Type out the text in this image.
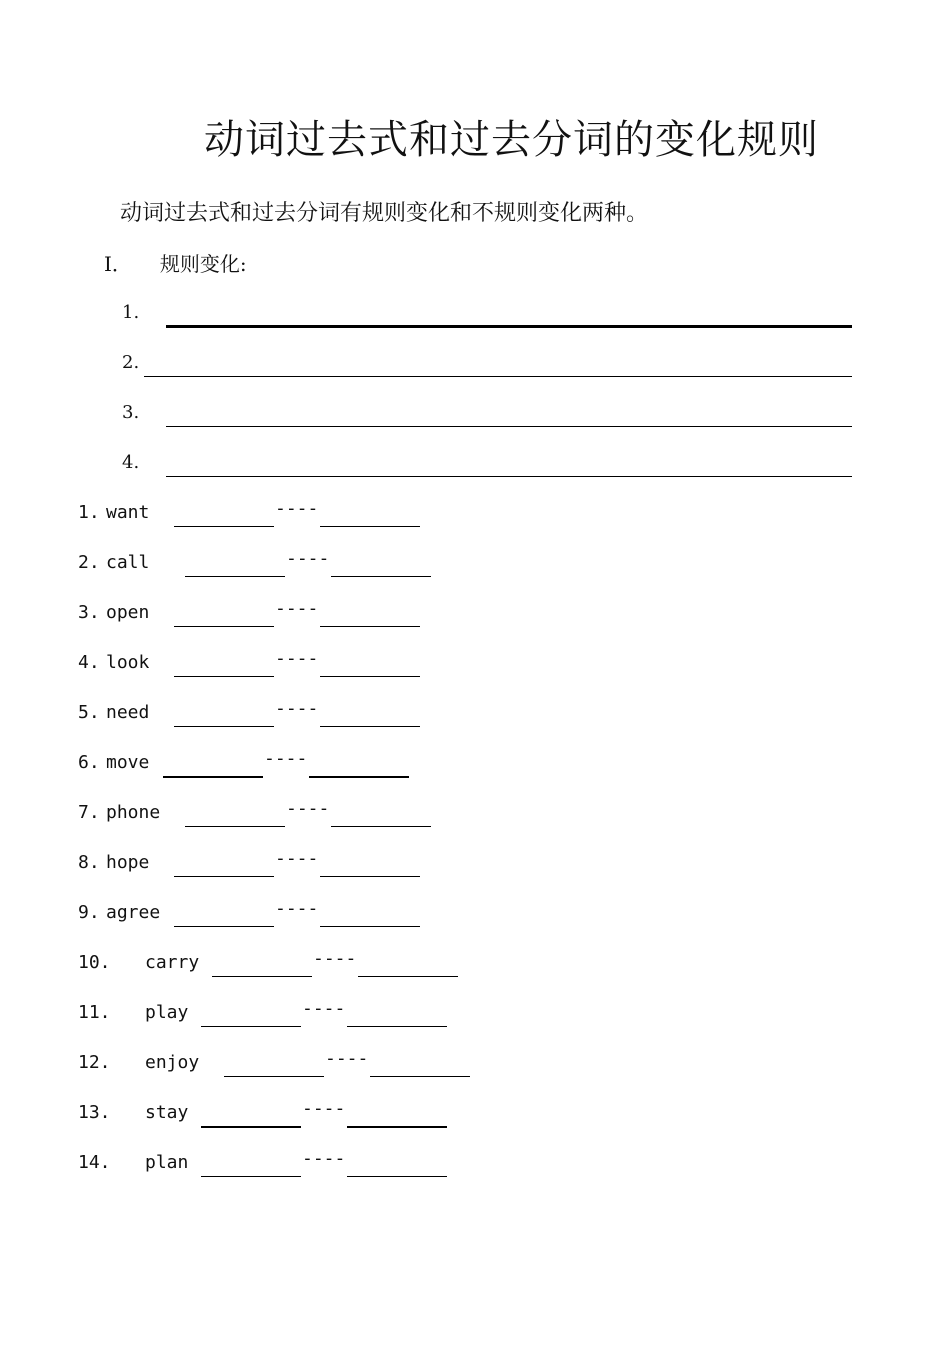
动词过去式和过去分词的变化规则
动词过去式和过去分词有规则变化和不规则变化两种。
I． 规则变化:
1.
2.
3.
4.
1. want	----
2. call	----
3. open	----
4. look	----
5. need	----
6. move	----
7. phone	----
8. hope	----
9. agree	----
10. carry	----
11. play	----
12. enjoy	----
13. stay	----
14. plan	----
